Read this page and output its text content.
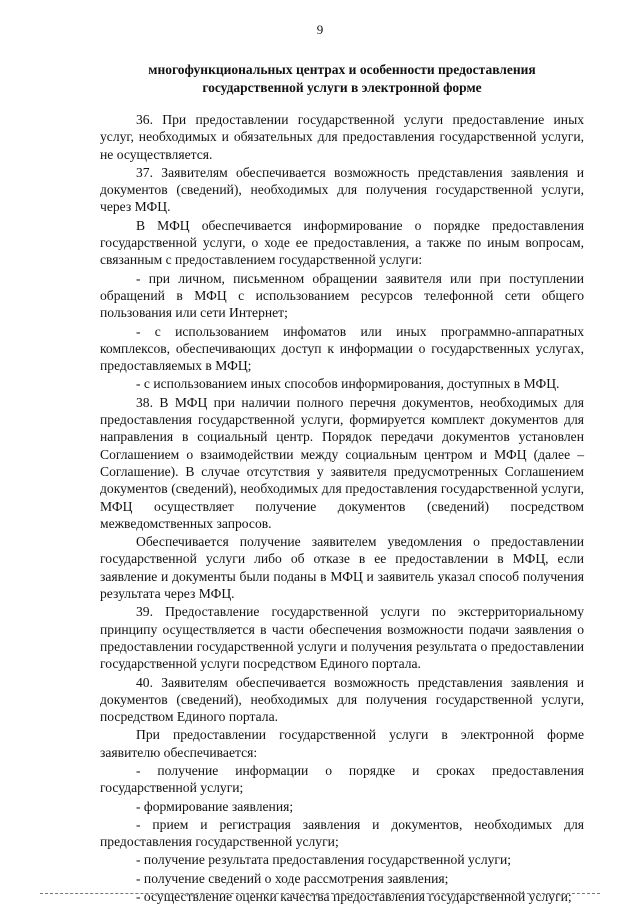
9
многофункциональных центрах и особенности предоставления государственной услуги в электронной форме

36. При предоставлении государственной услуги предоставление иных услуг, необходимых и обязательных для предоставления государственной услуги, не осуществляется.

37. Заявителям обеспечивается возможность представления заявления и документов (сведений), необходимых для получения государственной услуги, через МФЦ.

В МФЦ обеспечивается информирование о порядке предоставления государственной услуги, о ходе ее предоставления, а также по иным вопросам, связанным с предоставлением государственной услуги:

- при личном, письменном обращении заявителя или при поступлении обращений в МФЦ с использованием ресурсов телефонной сети общего пользования или сети Интернет;

- с использованием инфоматов или иных программно-аппаратных комплексов, обеспечивающих доступ к информации о государственных услугах, предоставляемых в МФЦ;

- с использованием иных способов информирования, доступных в МФЦ.

38. В МФЦ при наличии полного перечня документов, необходимых для предоставления государственной услуги, формируется комплект документов для направления в социальный центр. Порядок передачи документов установлен Соглашением о взаимодействии между социальным центром и МФЦ (далее – Соглашение). В случае отсутствия у заявителя предусмотренных Соглашением документов (сведений), необходимых для предоставления государственной услуги, МФЦ осуществляет получение документов (сведений) посредством межведомственных запросов.

Обеспечивается получение заявителем уведомления о предоставлении государственной услуги либо об отказе в ее предоставлении в МФЦ, если заявление и документы были поданы в МФЦ и заявитель указал способ получения результата через МФЦ.

39. Предоставление государственной услуги по экстерриториальному принципу осуществляется в части обеспечения возможности подачи заявления о предоставлении государственной услуги и получения результата о предоставлении государственной услуги посредством Единого портала.

40. Заявителям обеспечивается возможность представления заявления и документов (сведений), необходимых для получения государственной услуги, посредством Единого портала.

При предоставлении государственной услуги в электронной форме заявителю обеспечивается:

- получение информации о порядке и сроках предоставления государственной услуги;

- формирование заявления;

- прием и регистрация заявления и документов, необходимых для предоставления государственной услуги;

- получение результата предоставления государственной услуги;

- получение сведений о ходе рассмотрения заявления;

- осуществление оценки качества предоставления государственной услуги;
